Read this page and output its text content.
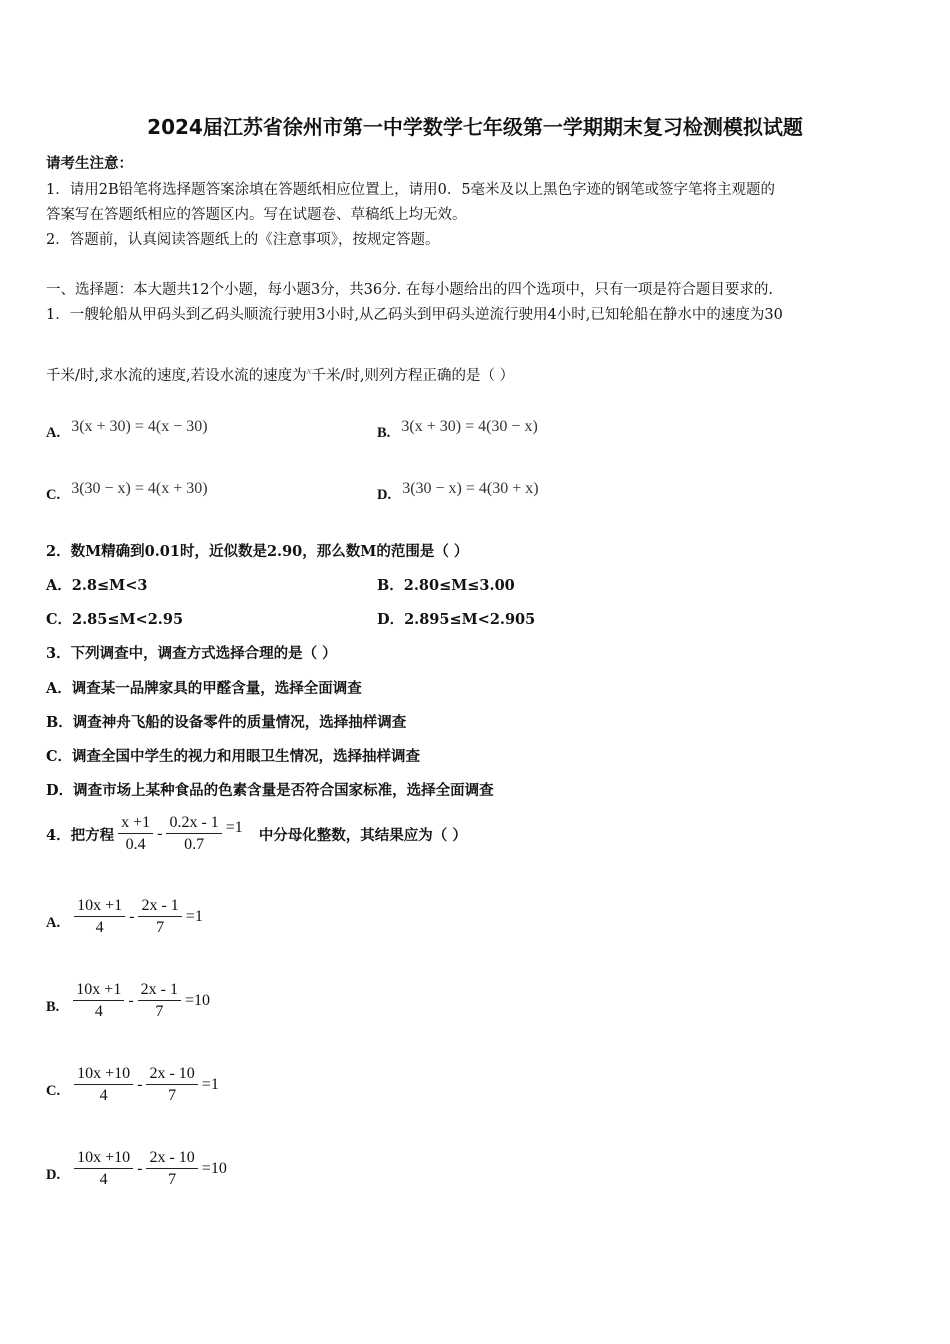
2024届江苏省徐州市第一中学数学七年级第一学期期末复习检测模拟试题
请考生注意：
1．请用2B铅笔将选择题答案涂填在答题纸相应位置上，请用0．5毫米及以上黑色字迹的钢笔或签字笔将主观题的
答案写在答题纸相应的答题区内。写在试题卷、草稿纸上均无效。
2．答题前，认真阅读答题纸上的《注意事项》，按规定答题。
一、选择题：本大题共12个小题，每小题3分，共36分. 在每小题给出的四个选项中，只有一项是符合题目要求的.
1．一艘轮船从甲码头到乙码头顺流行驶用3小时,从乙码头到甲码头逆流行驶用4小时,已知轮船在静水中的速度为30
千米/时,求水流的速度,若设水流的速度为$^x$千米/时,则列方程正确的是（ ）
A. 3(x + 30) = 4(x − 30)	B. 3(x + 30) = 4(30 − x)
C. 3(30 − x) = 4(x + 30)	D. 3(30 − x) = 4(30 + x)
2．数M精确到0.01时，近似数是2.90，那么数M的范围是（ ）
A．2.8≤M<3	B．2.80≤M≤3.00
C．2.85≤M<2.95	D．2.895≤M<2.905
3．下列调查中，调查方式选择合理的是（ ）
A．调查某一品牌家具的甲醛含量，选择全面调查
B．调查神舟飞船的设备零件的质量情况，选择抽样调查
C．调查全国中学生的视力和用眼卫生情况，选择抽样调查
D．调查市场上某种食品的色素含量是否符合国家标准，选择全面调查
4．把方程 $\frac{x +1}{0.4} - \frac{0.2x - 1}{0.7} =1$ 中分母化整数，其结果应为（ ）
A. $\frac{10x +1}{4} - \frac{2x - 1}{7} =1$
B. $\frac{10x +1}{4} - \frac{2x - 1}{7} =10$
C. $\frac{10x +10}{4} - \frac{2x - 10}{7} =1$
D. $\frac{10x +10}{4} - \frac{2x - 10}{7} =10$
